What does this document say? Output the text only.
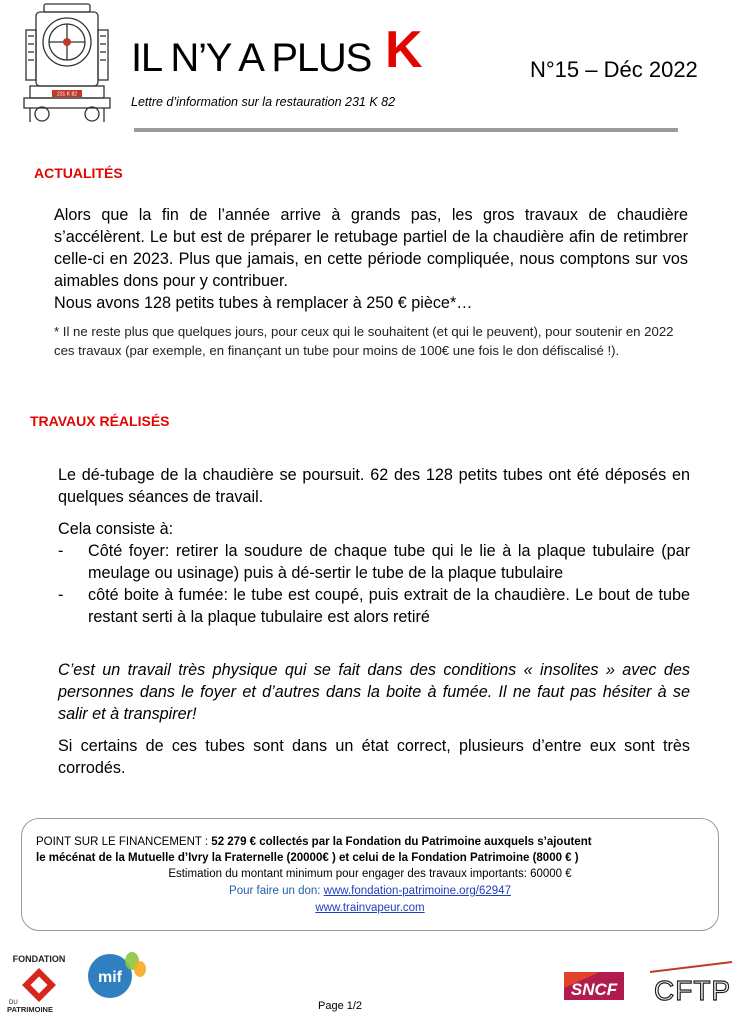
231 K 82
IL N’Y A PLUS K
Lettre d’information sur la restauration 231 K 82
N°15 – Déc 2022
ACTUALITÉS
Alors que la fin de l’année arrive à grands pas, les gros travaux de chaudière s’accélèrent. Le but est de préparer le retubage partiel de la chaudière afin de retimbrer celle-ci en 2023. Plus que jamais, en cette période compliquée, nous comptons sur vos aimables dons pour y contribuer.
Nous avons 128 petits tubes à remplacer à 250 € pièce*…
* Il ne reste plus que quelques jours, pour ceux qui le souhaitent (et qui le peuvent), pour soutenir en 2022 ces travaux (par exemple, en finançant un tube pour moins de 100€ une fois le don défiscalisé !).
TRAVAUX RÉALISÉS
Le dé-tubage de la chaudière se poursuit. 62 des 128 petits tubes ont été déposés en quelques séances de travail.
Cela consiste à:
- Côté foyer: retirer la soudure de chaque tube qui le lie à la plaque tubulaire (par meulage ou usinage) puis à dé-sertir le tube de la plaque tubulaire
- côté boite à fumée: le tube est coupé, puis extrait de la chaudière. Le bout de tube restant serti à la plaque tubulaire est alors retiré
C’est un travail très physique qui se fait dans des conditions « insolites » avec des personnes dans le foyer et d’autres dans la boite à fumée. Il ne faut pas hésiter à se salir et à transpirer!
Si certains de ces tubes sont dans un état correct, plusieurs d’entre eux sont très corrodés.
POINT SUR LE FINANCEMENT : 52 279 € collectés par la Fondation du Patrimoine auxquels s’ajoutent
le mécénat de la Mutuelle d’Ivry la Fraternelle (20000€ ) et celui de la Fondation Patrimoine (8000 € )
Estimation du montant minimum pour engager des travaux importants: 60000 €
Pour faire un don: www.fondation-patrimoine.org/62947
www.trainvapeur.com
FONDATION
DU
PATRIMOINE
mif
SNCF CFTP
Page 1/2
